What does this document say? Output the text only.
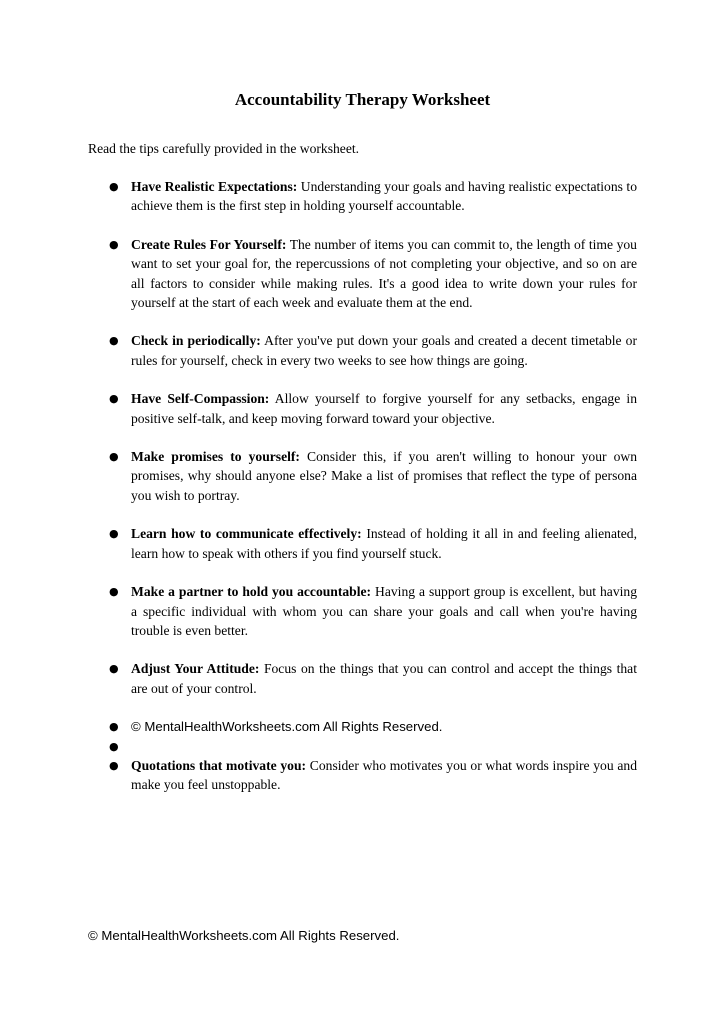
Accountability Therapy Worksheet
Read the tips carefully provided in the worksheet.
● Have Realistic Expectations: Understanding your goals and having realistic expectations to achieve them is the first step in holding yourself accountable.
● Create Rules For Yourself: The number of items you can commit to, the length of time you want to set your goal for, the repercussions of not completing your objective, and so on are all factors to consider while making rules. It's a good idea to write down your rules for yourself at the start of each week and evaluate them at the end.
● Check in periodically: After you've put down your goals and created a decent timetable or rules for yourself, check in every two weeks to see how things are going.
● Have Self-Compassion: Allow yourself to forgive yourself for any setbacks, engage in positive self-talk, and keep moving forward toward your objective.
● Make promises to yourself: Consider this, if you aren't willing to honour your own promises, why should anyone else? Make a list of promises that reflect the type of persona you wish to portray.
● Learn how to communicate effectively: Instead of holding it all in and feeling alienated, learn how to speak with others if you find yourself stuck.
● Make a partner to hold you accountable: Having a support group is excellent, but having a specific individual with whom you can share your goals and call when you're having trouble is even better.
● Adjust Your Attitude: Focus on the things that you can control and accept the things that are out of your control.
● © MentalHealthWorksheets.com All Rights Reserved.
●

● Quotations that motivate you: Consider who motivates you or what words inspire you and make you feel unstoppable.
© MentalHealthWorksheets.com All Rights Reserved.
